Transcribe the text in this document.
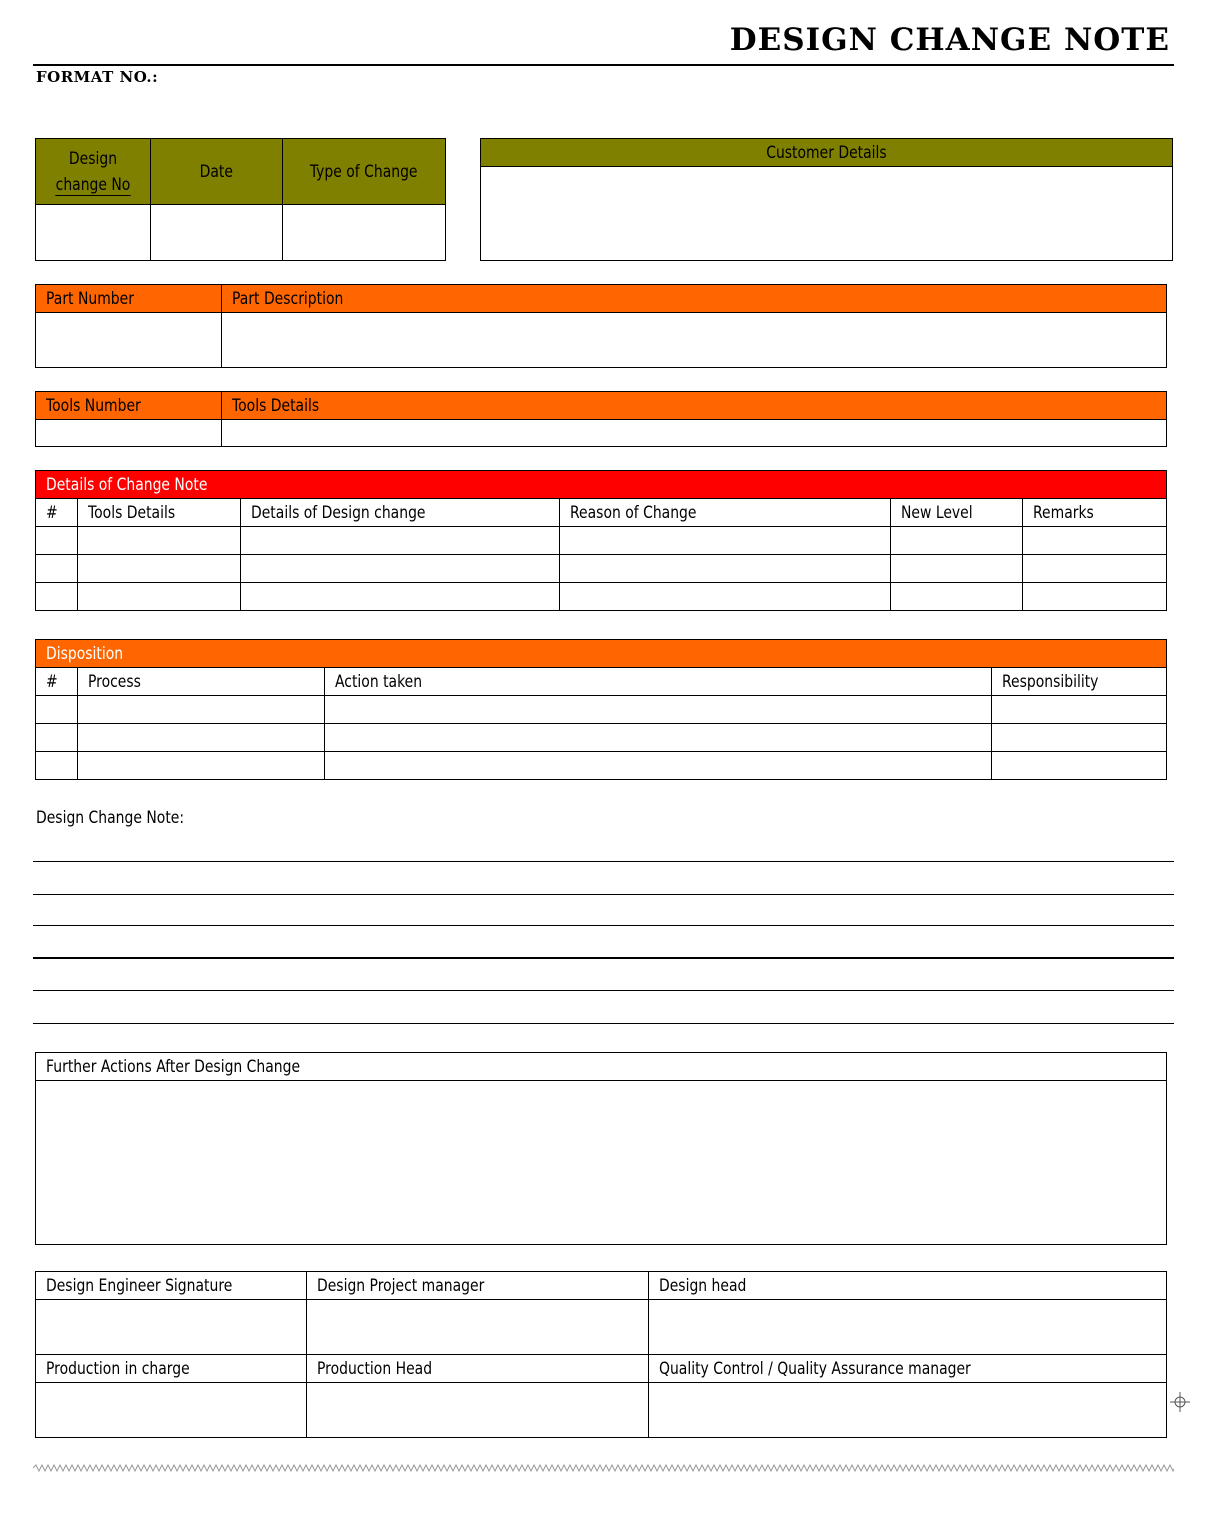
DESIGN CHANGE NOTE
FORMAT NO.:
Design
change No	Date	Type of Change

Customer Details

Part Number	Part Description

Tools Number	Tools Details

Details of Change Note					
#	Tools Details	Details of Design change	Reason of Change	New Level	Remarks

Disposition			
#	Process	Action taken	Responsibility

Design Change Note:
Further Actions After Design Change

Design Engineer Signature	Design Project manager	Design head

Production in charge	Production Head	Quality Control / Quality Assurance manager
